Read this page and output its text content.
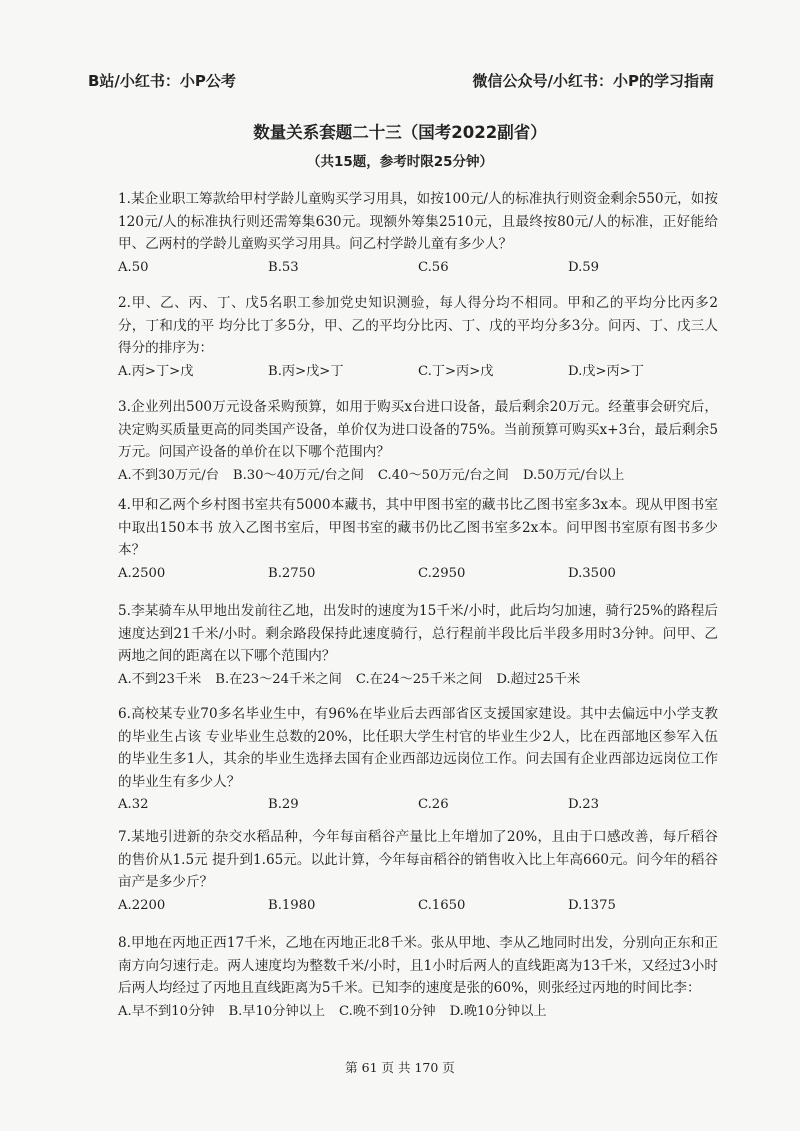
B站/小红书：小P公考	微信公众号/小红书：小P的学习指南
数量关系套题二十三（国考2022副省）
（共15题，参考时限25分钟）
1.某企业职工筹款给甲村学龄儿童购买学习用具，如按100元/人的标准执行则资金剩余550元，如按120元/人的标准执行则还需筹集630元。现额外筹集2510元，且最终按80元/人的标准，正好能给甲、乙两村的学龄儿童购买学习用具。问乙村学龄儿童有多少人？
A.50	B.53	C.56	D.59
2.甲、乙、丙、丁、戊5名职工参加党史知识测验，每人得分均不相同。甲和乙的平均分比丙多2分，丁和戊的平 均分比丁多5分，甲、乙的平均分比丙、丁、戊的平均分多3分。问丙、丁、戊三人得分的排序为：
A.丙>丁>戊	B.丙>戊>丁	C.丁>丙>戊	D.戊>丙>丁
3.企业列出500万元设备采购预算，如用于购买x台进口设备，最后剩余20万元。经董事会研究后，决定购买质量更高的同类国产设备，单价仅为进口设备的75%。当前预算可购买x+3台，最后剩余5万元。问国产设备的单价在以下哪个范围内？
A.不到30万元/台 B.30～40万元/台之间 C.40～50万元/台之间 D.50万元/台以上
4.甲和乙两个乡村图书室共有5000本藏书，其中甲图书室的藏书比乙图书室多3x本。现从甲图书室中取出150本书 放入乙图书室后，甲图书室的藏书仍比乙图书室多2x本。问甲图书室原有图书多少本？
A.2500	B.2750	C.2950	D.3500
5.李某骑车从甲地出发前往乙地，出发时的速度为15千米/小时，此后均匀加速，骑行25%的路程后速度达到21千米/小时。剩余路段保持此速度骑行，总行程前半段比后半段多用时3分钟。问甲、乙两地之间的距离在以下哪个范围内？
A.不到23千米 B.在23～24千米之间 C.在24～25千米之间 D.超过25千米
6.高校某专业70多名毕业生中，有96%在毕业后去西部省区支援国家建设。其中去偏远中小学支教的毕业生占该 专业毕业生总数的20%，比任职大学生村官的毕业生少2人，比在西部地区参军入伍的毕业生多1人，其余的毕业生选择去国有企业西部边远岗位工作。问去国有企业西部边远岗位工作的毕业生有多少人？
A.32	B.29	C.26	D.23
7.某地引进新的杂交水稻品种，今年每亩稻谷产量比上年增加了20%，且由于口感改善，每斤稻谷的售价从1.5元 提升到1.65元。以此计算，今年每亩稻谷的销售收入比上年高660元。问今年的稻谷亩产是多少斤？
A.2200	B.1980	C.1650	D.1375
8.甲地在丙地正西17千米，乙地在丙地正北8千米。张从甲地、李从乙地同时出发，分别向正东和正南方向匀速行走。两人速度均为整数千米/小时，且1小时后两人的直线距离为13千米，又经过3小时后两人均经过了丙地且直线距离为5千米。已知李的速度是张的60%，则张经过丙地的时间比李：
A.早不到10分钟 B.早10分钟以上 C.晚不到10分钟 D.晚10分钟以上
第 61 页 共 170 页
